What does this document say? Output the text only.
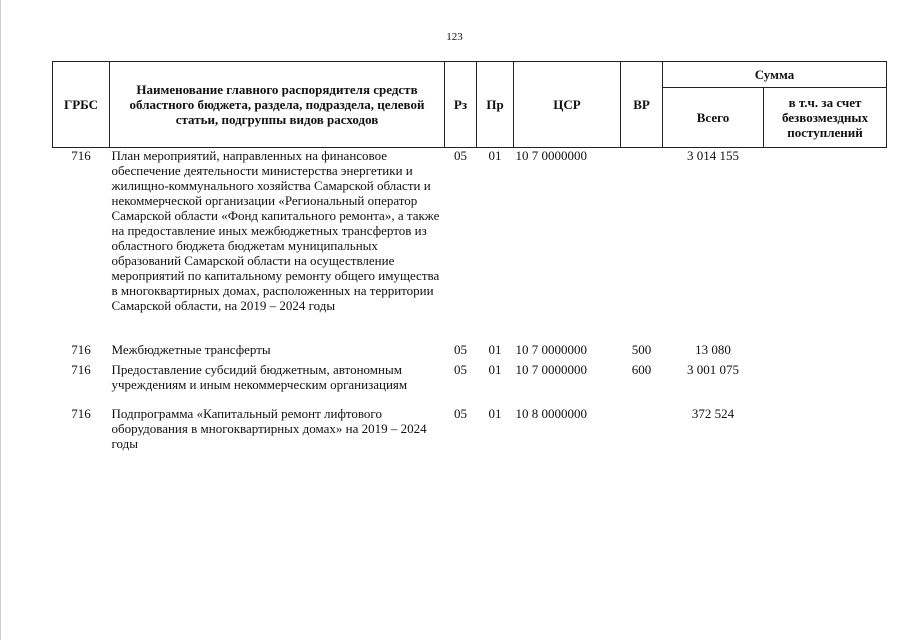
123
ГРБС	Наименование главного распорядителя средств областного бюджета, раздела, подраздела, целевой статьи, подгруппы видов расходов	Рз	Пр	ЦСР	ВР	Сумма	
						Всего	в т.ч. за счет безвозмездных поступлений
716	План мероприятий, направленных на финансовое обеспечение деятельности министерства энергетики и жилищно-коммунального хозяйства Самарской области и некоммерческой организации «Региональный оператор Самарской области «Фонд капитального ремонта», а также на предоставление иных межбюджетных трансфертов из областного бюджета бюджетам муниципальных образований Самарской области на осуществление мероприятий по капитальному ремонту общего имущества в многоквартирных домах, расположенных на территории Самарской области, на 2019 – 2024 годы	05	01	10 7 0000000		3 014 155	
716	Межбюджетные трансферты	05	01	10 7 0000000	500	13 080	
716	Предоставление субсидий бюджетным, автономным учреждениям и иным некоммерческим организациям	05	01	10 7 0000000	600	3 001 075	
716	Подпрограмма «Капитальный ремонт лифтового оборудования в многоквартирных домах» на 2019 – 2024 годы	05	01	10 8 0000000		372 524	
